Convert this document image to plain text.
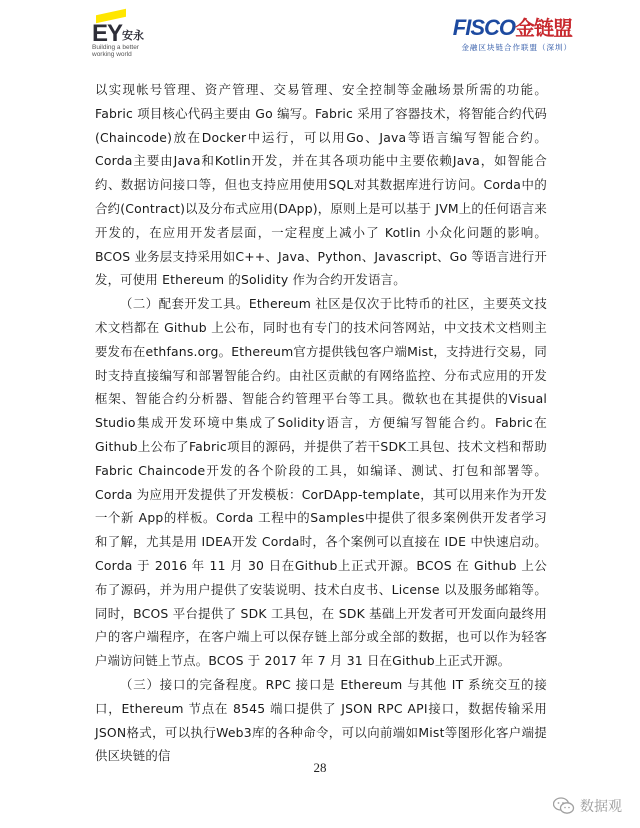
EY 安永
Building a better working world
FISCO金链盟
金融区块链合作联盟（深圳）

以实现帐号管理、资产管理、交易管理、安全控制等金融场景所需的功能。Fabric 项目核心代码主要由 Go 编写。Fabric 采用了容器技术，将智能合约代码(Chaincode)放在Docker中运行，可以用Go、Java等语言编写智能合约。Corda主要由Java和Kotlin开发，并在其各项功能中主要依赖Java，如智能合约、数据访问接口等，但也支持应用使用SQL对其数据库进行访问。Corda中的合约(Contract)以及分布式应用(DApp)，原则上是可以基于 JVM上的任何语言来开发的，在应用开发者层面，一定程度上减小了 Kotlin 小众化问题的影响。BCOS 业务层支持采用如C++、Java、Python、Javascript、Go 等语言进行开发，可使用 Ethereum 的Solidity 作为合约开发语言。

（二）配套开发工具。Ethereum 社区是仅次于比特币的社区，主要英文技术文档都在 Github 上公布，同时也有专门的技术问答网站，中文技术文档则主要发布在ethfans.org。Ethereum官方提供钱包客户端Mist，支持进行交易，同时支持直接编写和部署智能合约。由社区贡献的有网络监控、分布式应用的开发框架、智能合约分析器、智能合约管理平台等工具。微软也在其提供的Visual Studio集成开发环境中集成了Solidity语言，方便编写智能合约。Fabric在Github上公布了Fabric项目的源码，并提供了若干SDK工具包、技术文档和帮助Fabric Chaincode开发的各个阶段的工具，如编译、测试、打包和部署等。Corda 为应用开发提供了开发模板：CorDApp-template，其可以用来作为开发一个新 App的样板。Corda 工程中的Samples中提供了很多案例供开发者学习和了解，尤其是用 IDEA开发 Corda时，各个案例可以直接在 IDE 中快速启动。Corda 于 2016 年 11 月 30 日在Github上正式开源。BCOS 在 Github 上公布了源码，并为用户提供了安装说明、技术白皮书、License 以及服务邮箱等。同时，BCOS 平台提供了 SDK 工具包，在 SDK 基础上开发者可开发面向最终用户的客户端程序，在客户端上可以保存链上部分或全部的数据，也可以作为轻客户端访问链上节点。BCOS 于 2017 年 7 月 31 日在Github上正式开源。

（三）接口的完备程度。RPC 接口是 Ethereum 与其他 IT 系统交互的接口，Ethereum 节点在 8545 端口提供了 JSON RPC API接口，数据传输采用 JSON格式，可以执行Web3库的各种命令，可以向前端如Mist等图形化客户端提供区块链的信

28
数据观
